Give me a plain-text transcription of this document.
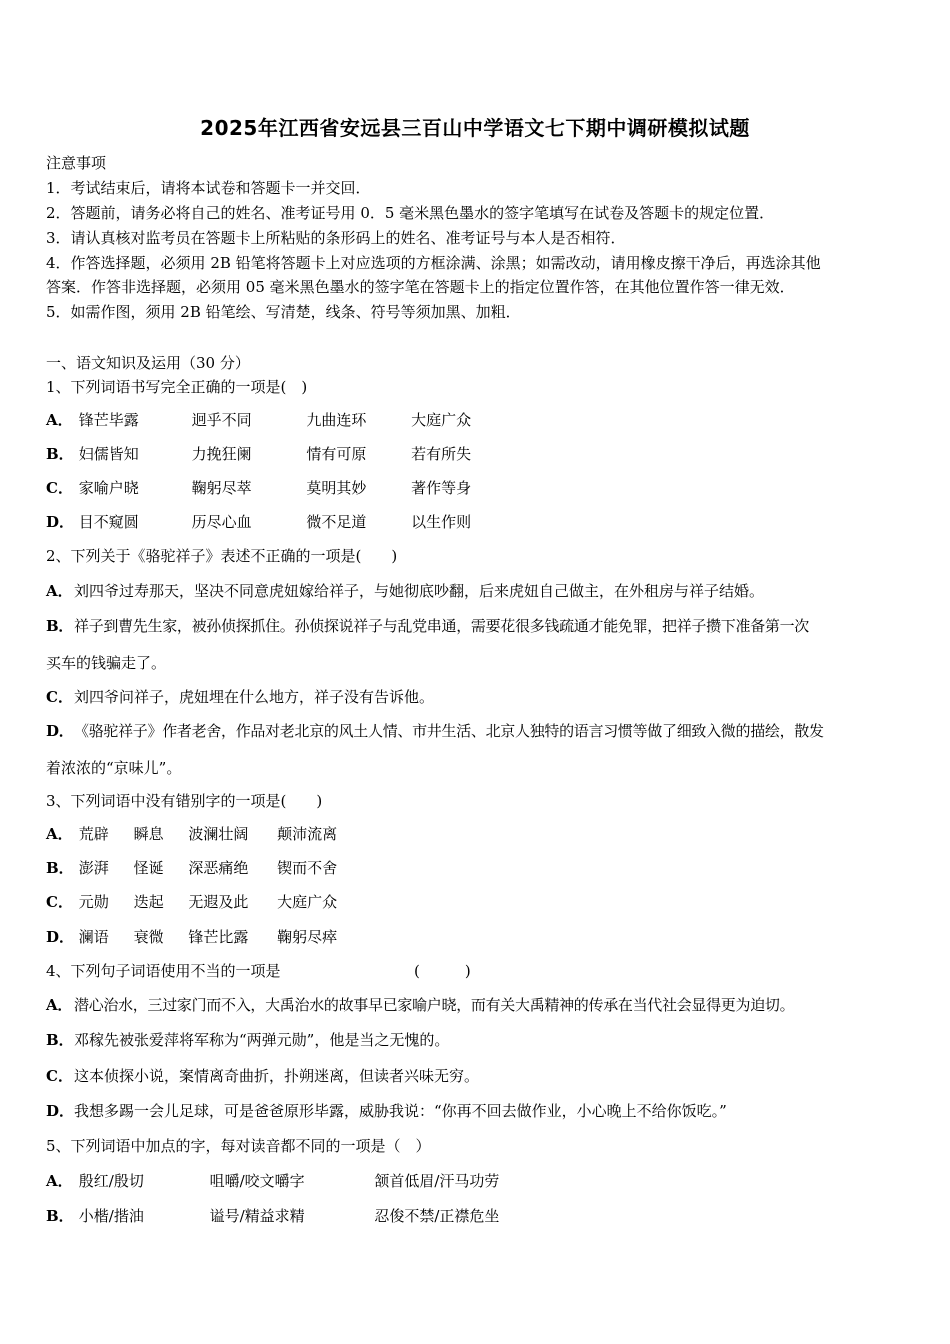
2025年江西省安远县三百山中学语文七下期中调研模拟试题
注意事项
1．考试结束后，请将本试卷和答题卡一并交回．
2．答题前，请务必将自己的姓名、准考证号用 0．5 毫米黑色墨水的签字笔填写在试卷及答题卡的规定位置．
3．请认真核对监考员在答题卡上所粘贴的条形码上的姓名、准考证号与本人是否相符．
4．作答选择题，必须用 2B 铅笔将答题卡上对应选项的方框涂满、涂黑；如需改动，请用橡皮擦干净后，再选涂其他
答案．作答非选择题，必须用 05 毫米黑色墨水的签字笔在答题卡上的指定位置作答，在其他位置作答一律无效．
5．如需作图，须用 2B 铅笔绘、写清楚，线条、符号等须加黑、加粗．
一、语文知识及运用（30 分）
1、下列词语书写完全正确的一项是(　)
A． 锋芒毕露	迥乎不同	九曲连环	大庭广众
B． 妇儒皆知	力挽狂阑	情有可原	若有所失
C． 家喻户晓	鞠躬尽萃	莫明其妙	著作等身
D． 目不窥圆	历尽心血	微不足道	以生作则
2、下列关于《骆驼祥子》表述不正确的一项是(　　)
A．刘四爷过寿那天，坚决不同意虎妞嫁给祥子，与她彻底吵翻，后来虎妞自己做主，在外租房与祥子结婚。
B．祥子到曹先生家，被孙侦探抓住。孙侦探说祥子与乱党串通，需要花很多钱疏通才能免罪，把祥子攒下准备第一次
买车的钱骗走了。
C．刘四爷问祥子，虎妞埋在什么地方，祥子没有告诉他。
D．《骆驼祥子》作者老舍，作品对老北京的风土人情、市井生活、北京人独特的语言习惯等做了细致入微的描绘，散发
着浓浓的“京味儿”。
3、下列词语中没有错别字的一项是(　　)
A． 荒辟 瞬息 波澜壮阔 颠沛流离
B． 澎湃 怪诞 深恶痛绝 锲而不舍
C． 元勋 迭起 无遐及此 大庭广众
D． 澜语 衰微 锋芒比露 鞠躬尽瘁
4、下列句子词语使用不当的一项是	(　　　)
A． 潜心治水，三过家门而不入，大禹治水的故事早已家喻户晓，而有关大禹精神的传承在当代社会显得更为迫切。
B．邓稼先被张爱萍将军称为“两弹元勋”，他是当之无愧的。
C．这本侦探小说，案情离奇曲折，扑朔迷离，但读者兴味无穷。
D．我想多踢一会儿足球，可是爸爸原形毕露，威胁我说：“你再不回去做作业，小心晚上不给你饭吃。”
5、下列词语中加点的字，每对读音都不同的一项是（　）
A． 殷红/殷切	咀嚼/咬文嚼字	颔首低眉/汗马功劳
B． 小楷/揩油	谥号/精益求精	忍俊不禁/正襟危坐
